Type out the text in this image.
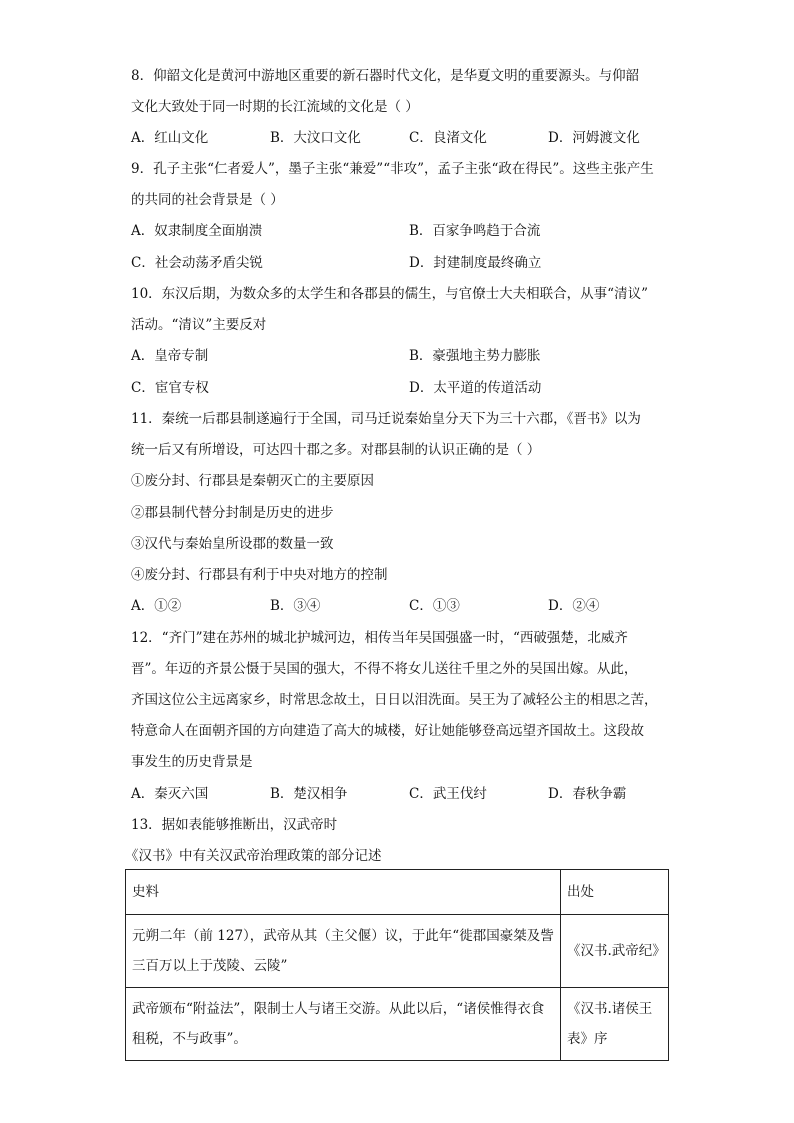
8．仰韶文化是黄河中游地区重要的新石器时代文化，是华夏文明的重要源头。与仰韶
文化大致处于同一时期的长江流域的文化是（ ）
A．红山文化	B．大汶口文化	C．良渚文化	D．河姆渡文化
9．孔子主张“仁者爱人”，墨子主张“兼爱”“非攻”，孟子主张“政在得民”。这些主张产生
的共同的社会背景是（ ）
A．奴隶制度全面崩溃	B．百家争鸣趋于合流
C．社会动荡矛盾尖锐	D．封建制度最终确立
10．东汉后期，为数众多的太学生和各郡县的儒生，与官僚士大夫相联合，从事“清议”
活动。“清议”主要反对
A．皇帝专制	B．豪强地主势力膨胀
C．宦官专权	D．太平道的传道活动
11．秦统一后郡县制遂遍行于全国，司马迁说秦始皇分天下为三十六郡，《晋书》以为
统一后又有所增设，可达四十郡之多。对郡县制的认识正确的是（ ）
①废分封、行郡县是秦朝灭亡的主要原因
②郡县制代替分封制是历史的进步
③汉代与秦始皇所设郡的数量一致
④废分封、行郡县有利于中央对地方的控制
A．①②	B．③④	C．①③	D．②④
12．“齐门”建在苏州的城北护城河边，相传当年吴国强盛一时，“西破强楚，北威齐
晋”。年迈的齐景公慑于吴国的强大，不得不将女儿送往千里之外的吴国出嫁。从此，
齐国这位公主远离家乡，时常思念故土，日日以泪洗面。吴王为了减轻公主的相思之苦，
特意命人在面朝齐国的方向建造了高大的城楼，好让她能够登高远望齐国故土。这段故
事发生的历史背景是
A．秦灭六国	B．楚汉相争	C．武王伐纣	D．春秋争霸
13．据如表能够推断出，汉武帝时
《汉书》中有关汉武帝治理政策的部分记述
史料	出处
元朔二年（前 127），武帝从其（主父偃）议，于此年“徙郡国豪桀及訾三百万以上于茂陵、云陵”	《汉书.武帝纪》
武帝颁布“附益法”，限制士人与诸王交游。从此以后，“诸侯惟得衣食租税，不与政事”。	《汉书.诸侯王表》序
